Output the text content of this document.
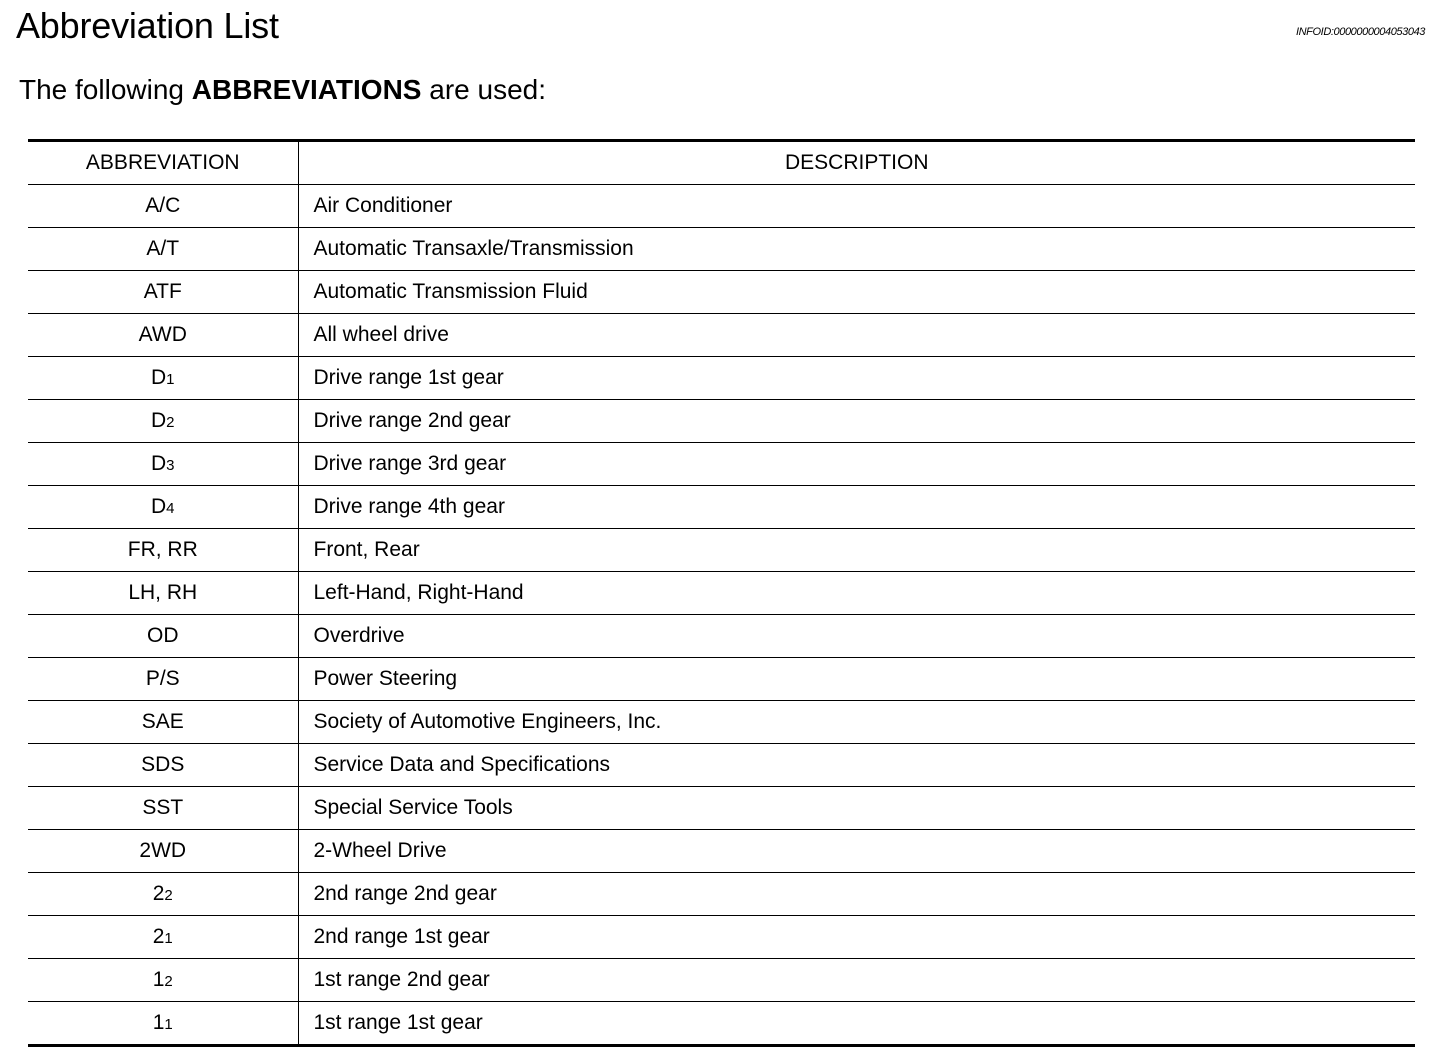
Abbreviation List	INFOID:0000000004053043
The following ABBREVIATIONS are used:
ABBREVIATION	DESCRIPTION
A/C	Air Conditioner
A/T	Automatic Transaxle/Transmission
ATF	Automatic Transmission Fluid
AWD	All wheel drive
D1	Drive range 1st gear
D2	Drive range 2nd gear
D3	Drive range 3rd gear
D4	Drive range 4th gear
FR, RR	Front, Rear
LH, RH	Left-Hand, Right-Hand
OD	Overdrive
P/S	Power Steering
SAE	Society of Automotive Engineers, Inc.
SDS	Service Data and Specifications
SST	Special Service Tools
2WD	2-Wheel Drive
22	2nd range 2nd gear
21	2nd range 1st gear
12	1st range 2nd gear
11	1st range 1st gear
